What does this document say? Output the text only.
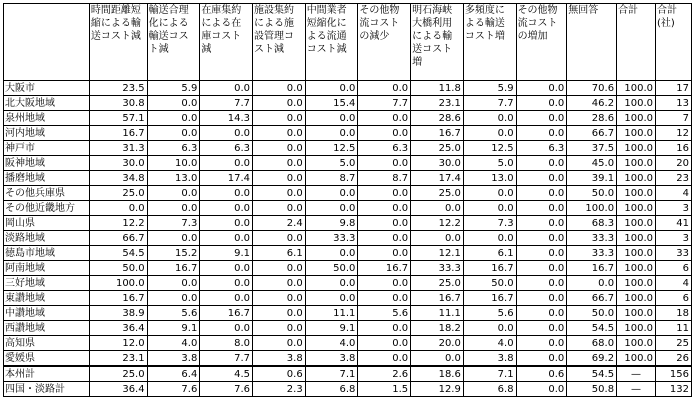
	時間距離短縮による輸送コスト減	輸送合理化による輸送コスト減	在庫集約による在庫コスト減	施設集約による施設管理コスト減	中間業者短縮化による流通コスト減	その他物流コストの減少	明石海峡大橋利用による輸送コスト増	多頻度による輸送コスト増	その他物流コストの増加	無回答	合計	合計(社)
大阪市	23.5	5.9	0.0	0.0	0.0	0.0	11.8	5.9	0.0	70.6	100.0	17
北大阪地域	30.8	0.0	7.7	0.0	15.4	7.7	23.1	7.7	0.0	46.2	100.0	13
泉州地域	57.1	0.0	14.3	0.0	0.0	0.0	28.6	0.0	0.0	28.6	100.0	7
河内地域	16.7	0.0	0.0	0.0	0.0	0.0	16.7	0.0	0.0	66.7	100.0	12
神戸市	31.3	6.3	6.3	0.0	12.5	6.3	25.0	12.5	6.3	37.5	100.0	16
阪神地域	30.0	10.0	0.0	0.0	5.0	0.0	30.0	5.0	0.0	45.0	100.0	20
播磨地域	34.8	13.0	17.4	0.0	8.7	8.7	17.4	13.0	0.0	39.1	100.0	23
その他兵庫県	25.0	0.0	0.0	0.0	0.0	0.0	25.0	0.0	0.0	50.0	100.0	4
その他近畿地方	0.0	0.0	0.0	0.0	0.0	0.0	0.0	0.0	0.0	100.0	100.0	3
岡山県	12.2	7.3	0.0	2.4	9.8	0.0	12.2	7.3	0.0	68.3	100.0	41
淡路地域	66.7	0.0	0.0	0.0	33.3	0.0	0.0	0.0	0.0	33.3	100.0	3
徳島市地域	54.5	15.2	9.1	6.1	0.0	0.0	12.1	6.1	0.0	33.3	100.0	33
阿南地域	50.0	16.7	0.0	0.0	50.0	16.7	33.3	16.7	0.0	16.7	100.0	6
三好地域	100.0	0.0	0.0	0.0	0.0	0.0	25.0	50.0	0.0	0.0	100.0	4
東讃地域	16.7	0.0	0.0	0.0	0.0	0.0	16.7	16.7	0.0	66.7	100.0	6
中讃地域	38.9	5.6	16.7	0.0	11.1	5.6	11.1	5.6	0.0	50.0	100.0	18
西讃地域	36.4	9.1	0.0	0.0	9.1	0.0	18.2	0.0	0.0	54.5	100.0	11
高知県	12.0	4.0	8.0	0.0	4.0	0.0	20.0	4.0	0.0	68.0	100.0	25
愛媛県	23.1	3.8	7.7	3.8	3.8	0.0	0.0	3.8	0.0	69.2	100.0	26
本州計	25.0	6.4	4.5	0.6	7.1	2.6	18.6	7.1	0.6	54.5	—	156
四国・淡路計	36.4	7.6	7.6	2.3	6.8	1.5	12.9	6.8	0.0	50.8	—	132
